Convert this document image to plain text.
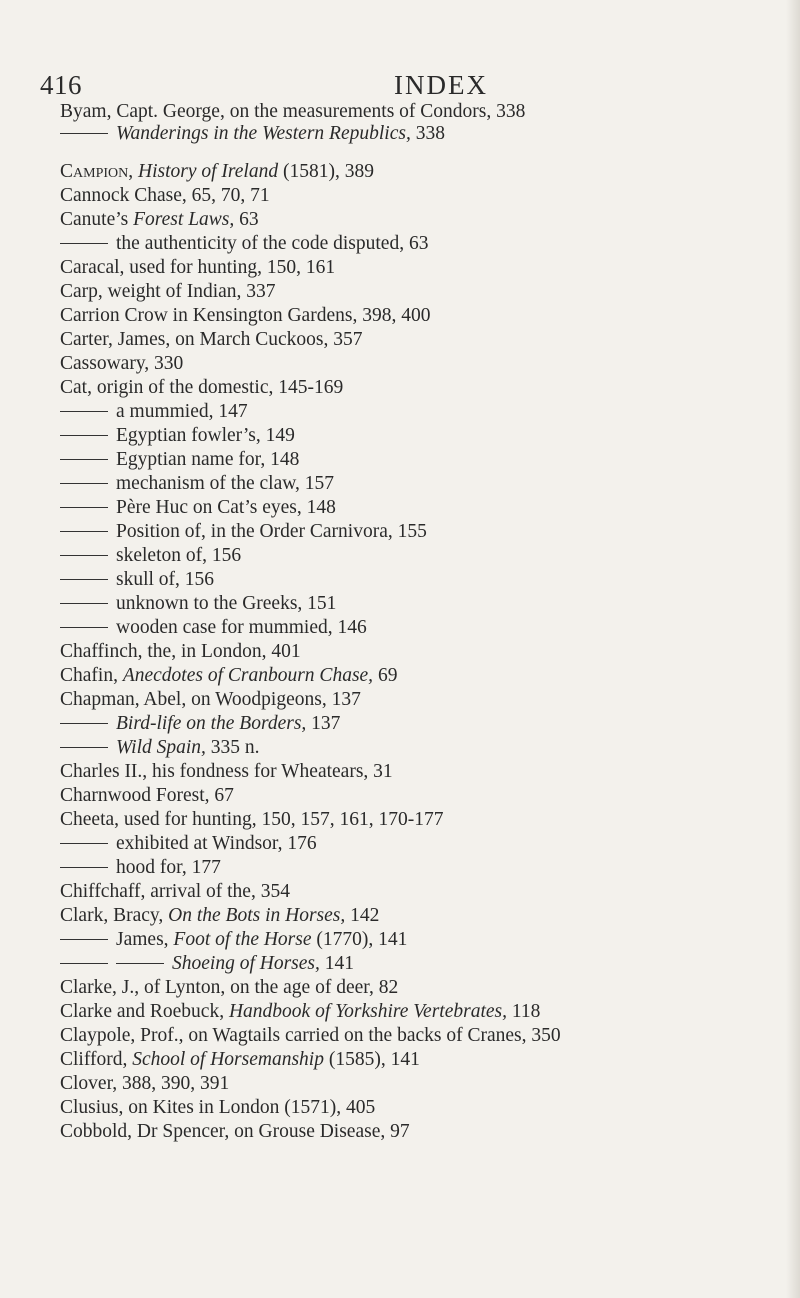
416	INDEX
Byam, Capt. George, on the measurements of Condors, 338
Wanderings in the Western Republics, 338
Campion, History of Ireland (1581), 389
Cannock Chase, 65, 70, 71
Canute’s Forest Laws, 63
the authenticity of the code disputed, 63
Caracal, used for hunting, 150, 161
Carp, weight of Indian, 337
Carrion Crow in Kensington Gardens, 398, 400
Carter, James, on March Cuckoos, 357
Cassowary, 330
Cat, origin of the domestic, 145-169
a mummied, 147
Egyptian fowler’s, 149
Egyptian name for, 148
mechanism of the claw, 157
Père Huc on Cat’s eyes, 148
Position of, in the Order Carnivora, 155
skeleton of, 156
skull of, 156
unknown to the Greeks, 151
wooden case for mummied, 146
Chaffinch, the, in London, 401
Chafin, Anecdotes of Cranbourn Chase, 69
Chapman, Abel, on Woodpigeons, 137
Bird-life on the Borders, 137
Wild Spain, 335 n.
Charles II., his fondness for Wheatears, 31
Charnwood Forest, 67
Cheeta, used for hunting, 150, 157, 161, 170-177
exhibited at Windsor, 176
hood for, 177
Chiffchaff, arrival of the, 354
Clark, Bracy, On the Bots in Horses, 142
James, Foot of the Horse (1770), 141
Shoeing of Horses, 141
Clarke, J., of Lynton, on the age of deer, 82
Clarke and Roebuck, Handbook of Yorkshire Vertebrates, 118
Claypole, Prof., on Wagtails carried on the backs of Cranes, 350
Clifford, School of Horsemanship (1585), 141
Clover, 388, 390, 391
Clusius, on Kites in London (1571), 405
Cobbold, Dr Spencer, on Grouse Disease, 97
